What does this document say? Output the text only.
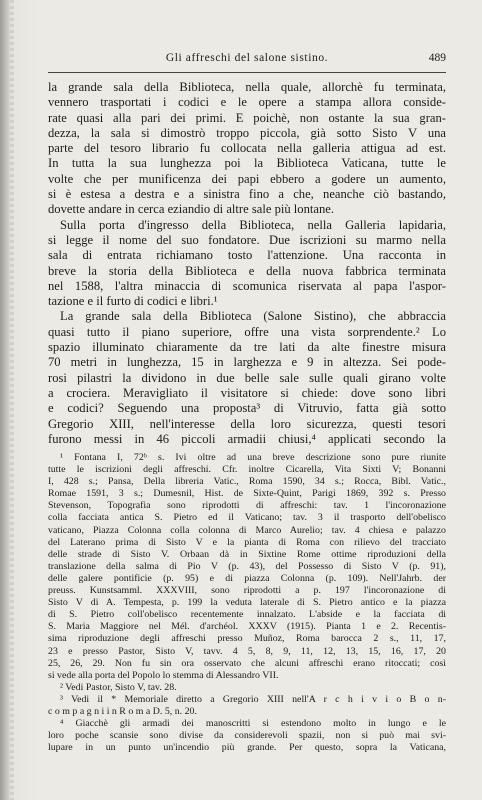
Gli affreschi del salone sistino.	489
la grande sala della Biblioteca, nella quale, allorchè fu terminata,
vennero trasportati i codici e le opere a stampa allora conside-
rate quasi alla pari dei primi. E poichè, non ostante la sua gran-
dezza, la sala si dimostrò troppo piccola, già sotto Sisto V una
parte del tesoro librario fu collocata nella galleria attigua ad est.
In tutta la sua lunghezza poi la Biblioteca Vaticana, tutte le
volte che per munificenza dei papi ebbero a godere un aumento,
si è estesa a destra e a sinistra fino a che, neanche ciò bastando,
dovette andare in cerca eziandio di altre sale più lontane.
Sulla porta d'ingresso della Biblioteca, nella Galleria lapidaria,
si legge il nome del suo fondatore. Due iscrizioni su marmo nella
sala di entrata richiamano tosto l'attenzione. Una racconta in
breve la storia della Biblioteca e della nuova fabbrica terminata
nel 1588, l'altra minaccia di scomunica riservata al papa l'aspor-
tazione e il furto di codici e libri.¹
La grande sala della Biblioteca (Salone Sistino), che abbraccia
quasi tutto il piano superiore, offre una vista sorprendente.² Lo
spazio illuminato chiaramente da tre lati da alte finestre misura
70 metri in lunghezza, 15 in larghezza e 9 in altezza. Sei pode-
rosi pilastri la dividono in due belle sale sulle quali girano volte
a crociera. Meravigliato il visitatore si chiede: dove sono libri
e codici? Seguendo una proposta³ di Vitruvio, fatta già sotto
Gregorio XIII, nell'interesse della loro sicurezza, questi tesori
furono messi in 46 piccoli armadii chiusi,⁴ applicati secondo la
¹ Fontana I, 72ᵇ s. Ivi oltre ad una breve descrizione sono pure riunite
tutte le iscrizioni degli affreschi. Cfr. inoltre Cicarella, Vita Sixti V; Bonanni
I, 428 s.; Pansa, Della libreria Vatic., Roma 1590, 34 s.; Rocca, Bibl. Vatic.,
Romae 1591, 3 s.; Dumesnil, Hist. de Sixte-Quint, Parigi 1869, 392 s. Presso
Stevenson, Topografia sono riprodotti di affreschi: tav. 1 l'incoronazione
colla facciata antica S. Pietro ed il Vaticano; tav. 3 il trasporto dell'obelisco
vaticano, Piazza Colonna colla colonna di Marco Aurelio; tav. 4 chiesa e palazzo
del Laterano prima di Sisto V e la pianta di Roma con rilievo del tracciato
delle strade di Sisto V. Orbaan dà in Sixtine Rome ottime riproduzioni della
translazione della salma di Pio V (p. 43), del Possesso di Sisto V (p. 91),
delle galere pontificie (p. 95) e di piazza Colonna (p. 109). Nell'Jahrb. der
preuss. Kunstsamml. XXXVIII, sono riprodotti a p. 197 l'incoronazione di
Sisto V di A. Tempesta, p. 199 la veduta laterale di S. Pietro antico e la piazza
di S. Pietro coll'obelisco recentemente innalzato. L'abside e la facciata di
S. Maria Maggiore nel Mél. d'archéol. XXXV (1915). Pianta 1 e 2. Recentis-
sima riproduzione degli affreschi presso Muñoz, Roma barocca 2 s., 11, 17,
23 e presso Pastor, Sisto V, tavv. 4 5, 8, 9, 11, 12, 13, 15, 16, 17, 20
25, 26, 29. Non fu sin ora osservato che alcuni affreschi erano ritoccati; così
si vede alla porta del Popolo lo stemma di Alessandro VII.
² Vedi Pastor, Sisto V, tav. 28.
³ Vedi il * Memoriale diretto a Gregorio XIII nell'A r c h i v i o B o n-
c o m p a g n i i n R o m a D. 5, n. 20.
⁴ Giacchè gli armadi dei manoscritti si estendono molto in lungo e le
loro poche scansie sono divise da considerevoli spazii, non si può mai svi-
lupare in un punto un'incendio più grande. Per questo, sopra la Vaticana,
